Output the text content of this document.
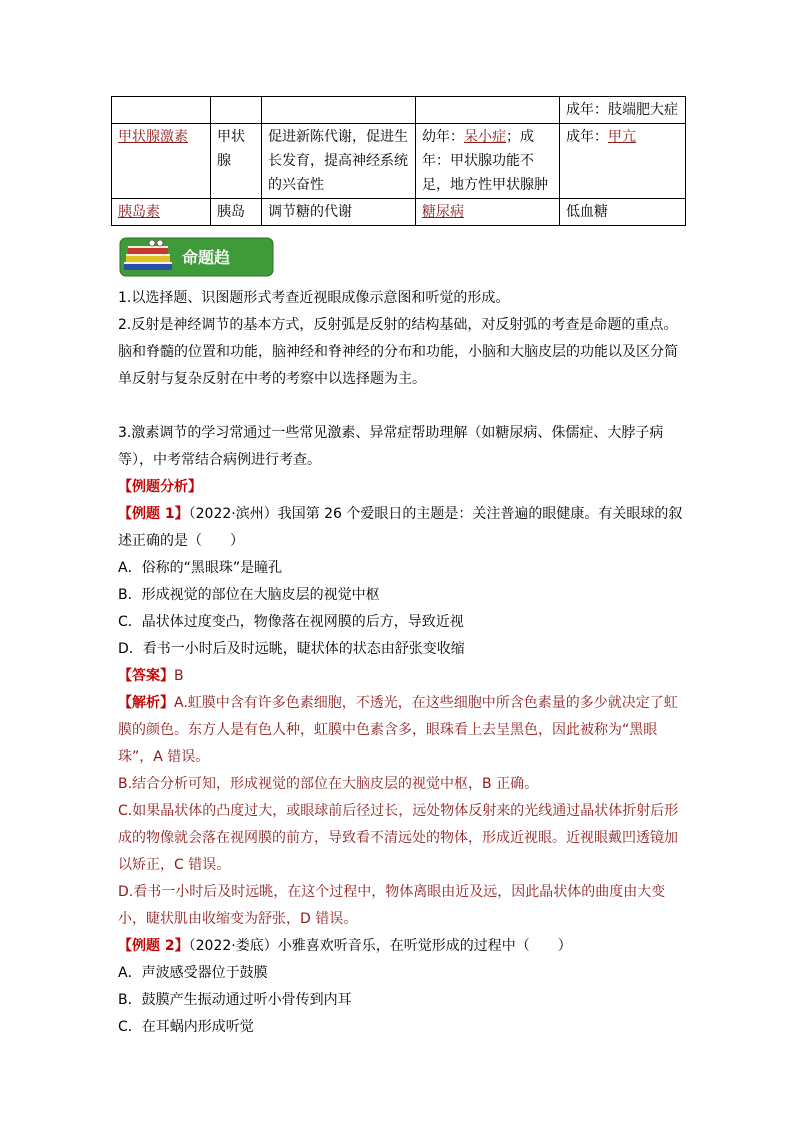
				成年：肢端肥大症
甲状腺激素	甲状腺	促进新陈代谢，促进生长发育，提高神经系统的兴奋性	幼年：呆小症；成年：甲状腺功能不足，地方性甲状腺肿	成年：甲亢
胰岛素	胰岛	调节糖的代谢	糖尿病	低血糖
命题趋

1.以选择题、识图题形式考查近视眼成像示意图和听觉的形成。

2.反射是神经调节的基本方式，反射弧是反射的结构基础，对反射弧的考查是命题的重点。脑和脊髓的位置和功能，脑神经和脊神经的分布和功能，小脑和大脑皮层的功能以及区分简单反射与复杂反射在中考的考察中以选择题为主。

3.激素调节的学习常通过一些常见激素、异常症帮助理解（如糖尿病、侏儒症、大脖子病等），中考常结合病例进行考查。

【例题分析】

【例题 1】（2022·滨州）我国第 26 个爱眼日的主题是：关注普遍的眼健康。有关眼球的叙述正确的是（　　）

A．俗称的“黑眼珠”是瞳孔

B．形成视觉的部位在大脑皮层的视觉中枢

C．晶状体过度变凸，物像落在视网膜的后方，导致近视

D．看书一小时后及时远眺，睫状体的状态由舒张变收缩

【答案】B

【解析】A.虹膜中含有许多色素细胞，不透光，在这些细胞中所含色素量的多少就决定了虹膜的颜色。东方人是有色人种，虹膜中色素含多，眼珠看上去呈黑色，因此被称为“黑眼珠”，A 错误。

B.结合分析可知，形成视觉的部位在大脑皮层的视觉中枢，B 正确。

C.如果晶状体的凸度过大，或眼球前后径过长，远处物体反射来的光线通过晶状体折射后形成的物像就会落在视网膜的前方，导致看不清远处的物体，形成近视眼。近视眼戴凹透镜加以矫正，C 错误。

D.看书一小时后及时远眺，在这个过程中，物体离眼由近及远，因此晶状体的曲度由大变小，睫状肌由收缩变为舒张，D 错误。

【例题 2】（2022·娄底）小雅喜欢听音乐，在听觉形成的过程中（　　）

A．声波感受器位于鼓膜

B．鼓膜产生振动通过听小骨传到内耳

C．在耳蜗内形成听觉
